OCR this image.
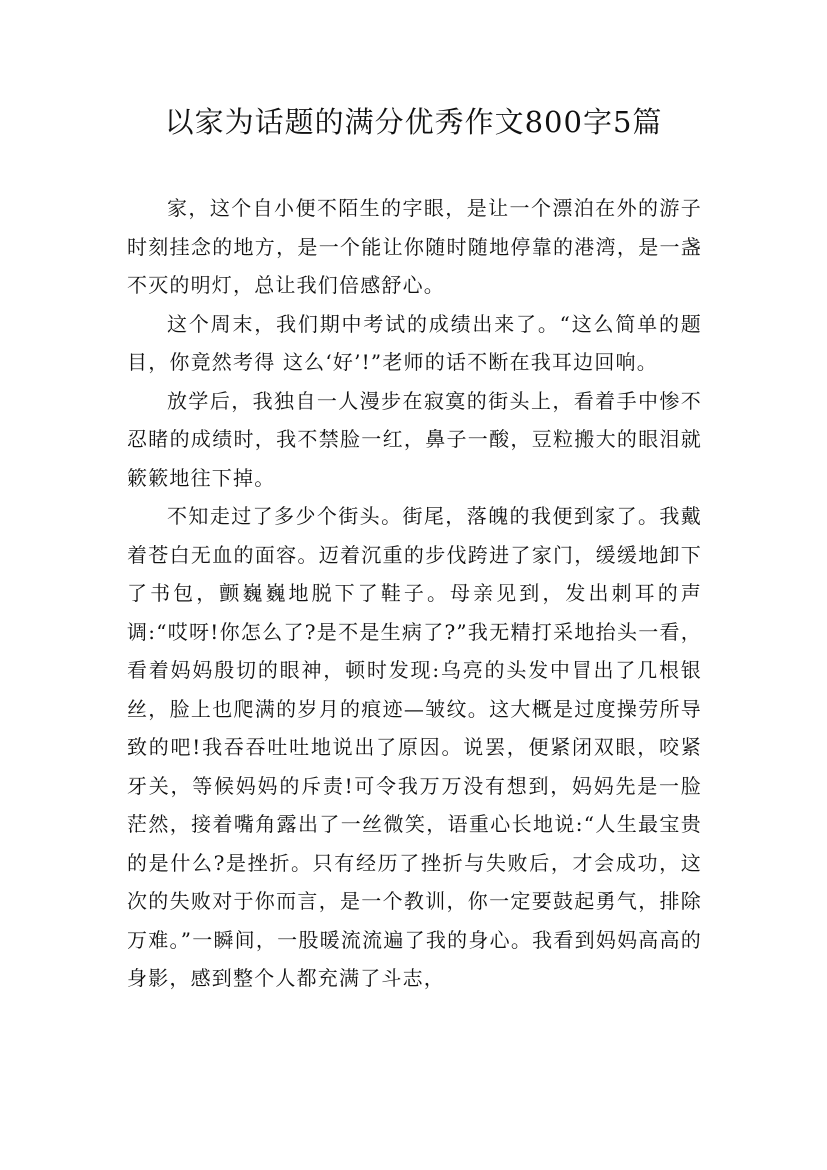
以家为话题的满分优秀作文800字5篇

家，这个自小便不陌生的字眼，是让一个漂泊在外的游子时刻挂念的地方，是一个能让你随时随地停靠的港湾，是一盏不灭的明灯，总让我们倍感舒心。

这个周末，我们期中考试的成绩出来了。“这么简单的题目，你竟然考得 这么‘好’!”老师的话不断在我耳边回响。

放学后，我独自一人漫步在寂寞的街头上，看着手中惨不忍睹的成绩时，我不禁脸一红，鼻子一酸，豆粒搬大的眼泪就簌簌地往下掉。

不知走过了多少个街头。街尾，落魄的我便到家了。我戴着苍白无血的面容。迈着沉重的步伐跨进了家门，缓缓地卸下了书包，颤巍巍地脱下了鞋子。母亲见到，发出刺耳的声调:“哎呀!你怎么了?是不是生病了?”我无精打采地抬头一看，看着妈妈殷切的眼神，顿时发现:乌亮的头发中冒出了几根银丝，脸上也爬满的岁月的痕迹—皱纹。这大概是过度操劳所导致的吧!我吞吞吐吐地说出了原因。说罢，便紧闭双眼，咬紧牙关，等候妈妈的斥责!可令我万万没有想到，妈妈先是一脸茫然，接着嘴角露出了一丝微笑，语重心长地说:“人生最宝贵的是什么?是挫折。只有经历了挫折与失败后，才会成功，这次的失败对于你而言，是一个教训，你一定要鼓起勇气，排除万难。”一瞬间，一股暖流流遍了我的身心。我看到妈妈高高的身影，感到整个人都充满了斗志，
